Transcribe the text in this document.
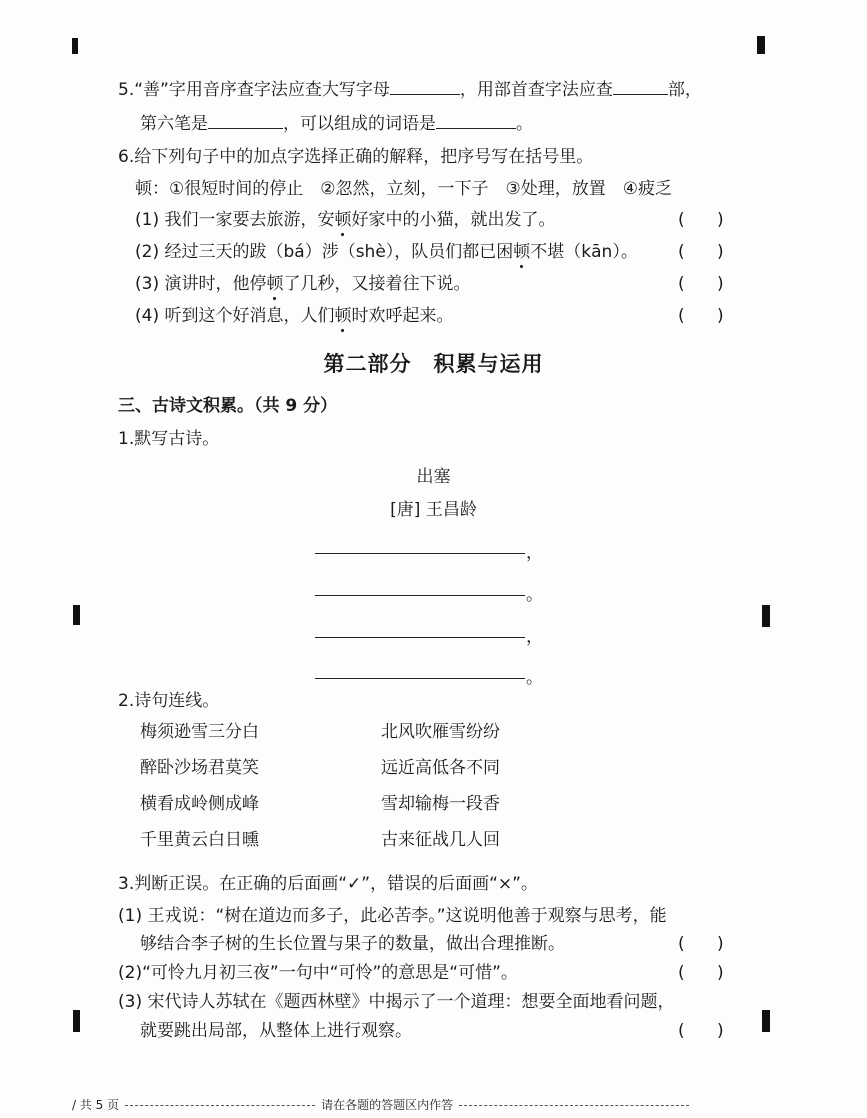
5.“善”字用音序查字法应查大写字母	，用部首查字法应查	部，
第六笔是	，可以组成的词语是	。
6.给下列句子中的加点字选择正确的解释，把序号写在括号里。
顿：①很短时间的停止　②忽然，立刻，一下子　③处理，放置　④疲乏
(1) 我们一家要去旅游，安顿好家中的小猫，就出发了。	(      )
(2) 经过三天的跋（bá）涉（shè），队员们都已困顿不堪（kān）。 (      )
(3) 演讲时，他停顿了几秒，又接着往下说。	(      )
(4) 听到这个好消息，人们顿时欢呼起来。	(      )
第二部分　积累与运用
三、古诗文积累。（共 9 分）
1.默写古诗。
出塞
[唐] 王昌龄
，
。
，
。
2.诗句连线。
梅须逊雪三分白	北风吹雁雪纷纷
醉卧沙场君莫笑	远近高低各不同
横看成岭侧成峰	雪却输梅一段香
千里黄云白日曛	古来征战几人回
3.判断正误。在正确的后面画“✓”，错误的后面画“×”。
(1) 王戎说：“树在道边而多子，此必苦李。”这说明他善于观察与思考，能
够结合李子树的生长位置与果子的数量，做出合理推断。	(      )
(2)“可怜九月初三夜”一句中“可怜”的意思是“可惜”。	(      )
(3) 宋代诗人苏轼在《题西林壁》中揭示了一个道理：想要全面地看问题，
就要跳出局部，从整体上进行观察。	(      )
/ 共 5 页	请在各题的答题区内作答
